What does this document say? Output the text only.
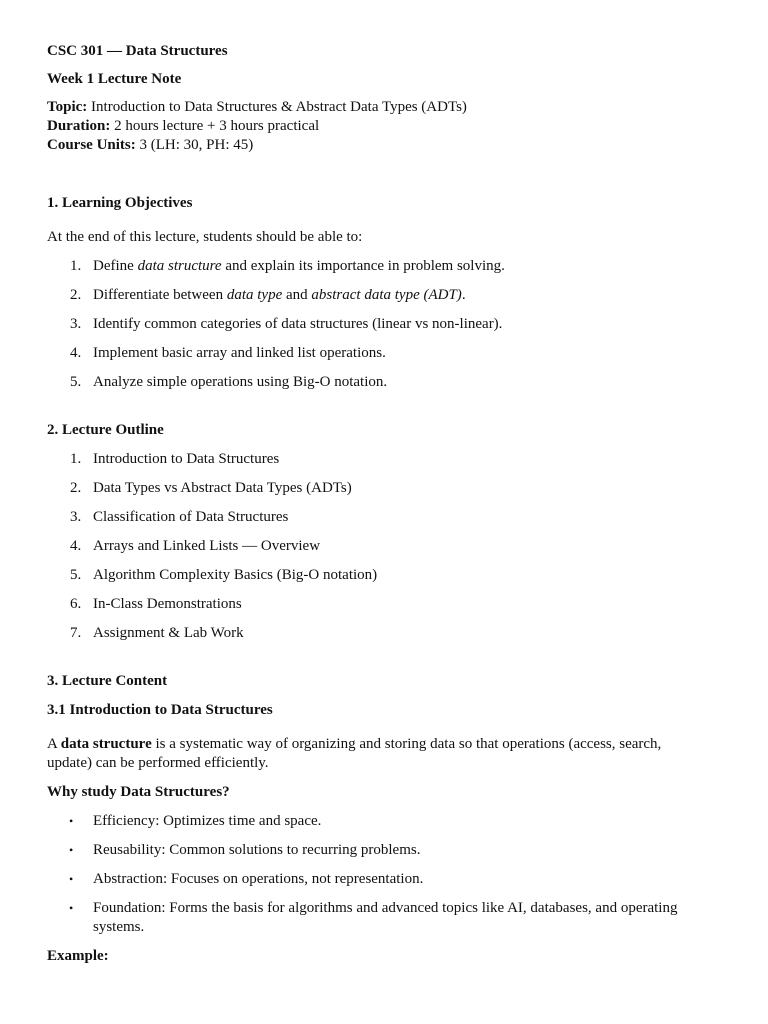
CSC 301 — Data Structures

Week 1 Lecture Note

Topic: Introduction to Data Structures & Abstract Data Types (ADTs)

Duration: 2 hours lecture + 3 hours practical

Course Units: 3 (LH: 30, PH: 45)

1. Learning Objectives

At the end of this lecture, students should be able to:

1. Define data structure and explain its importance in problem solving.
2. Differentiate between data type and abstract data type (ADT).
3. Identify common categories of data structures (linear vs non-linear).
4. Implement basic array and linked list operations.
5. Analyze simple operations using Big-O notation.

2. Lecture Outline

1. Introduction to Data Structures
2. Data Types vs Abstract Data Types (ADTs)
3. Classification of Data Structures
4. Arrays and Linked Lists — Overview
5. Algorithm Complexity Basics (Big-O notation)
6. In-Class Demonstrations
7. Assignment & Lab Work

3. Lecture Content

3.1 Introduction to Data Structures

A data structure is a systematic way of organizing and storing data so that operations (access, search, update) can be performed efficiently.

Why study Data Structures?

• Efficiency: Optimizes time and space.
• Reusability: Common solutions to recurring problems.
• Abstraction: Focuses on operations, not representation.
• Foundation: Forms the basis for algorithms and advanced topics like AI, databases, and operating systems.

Example:
